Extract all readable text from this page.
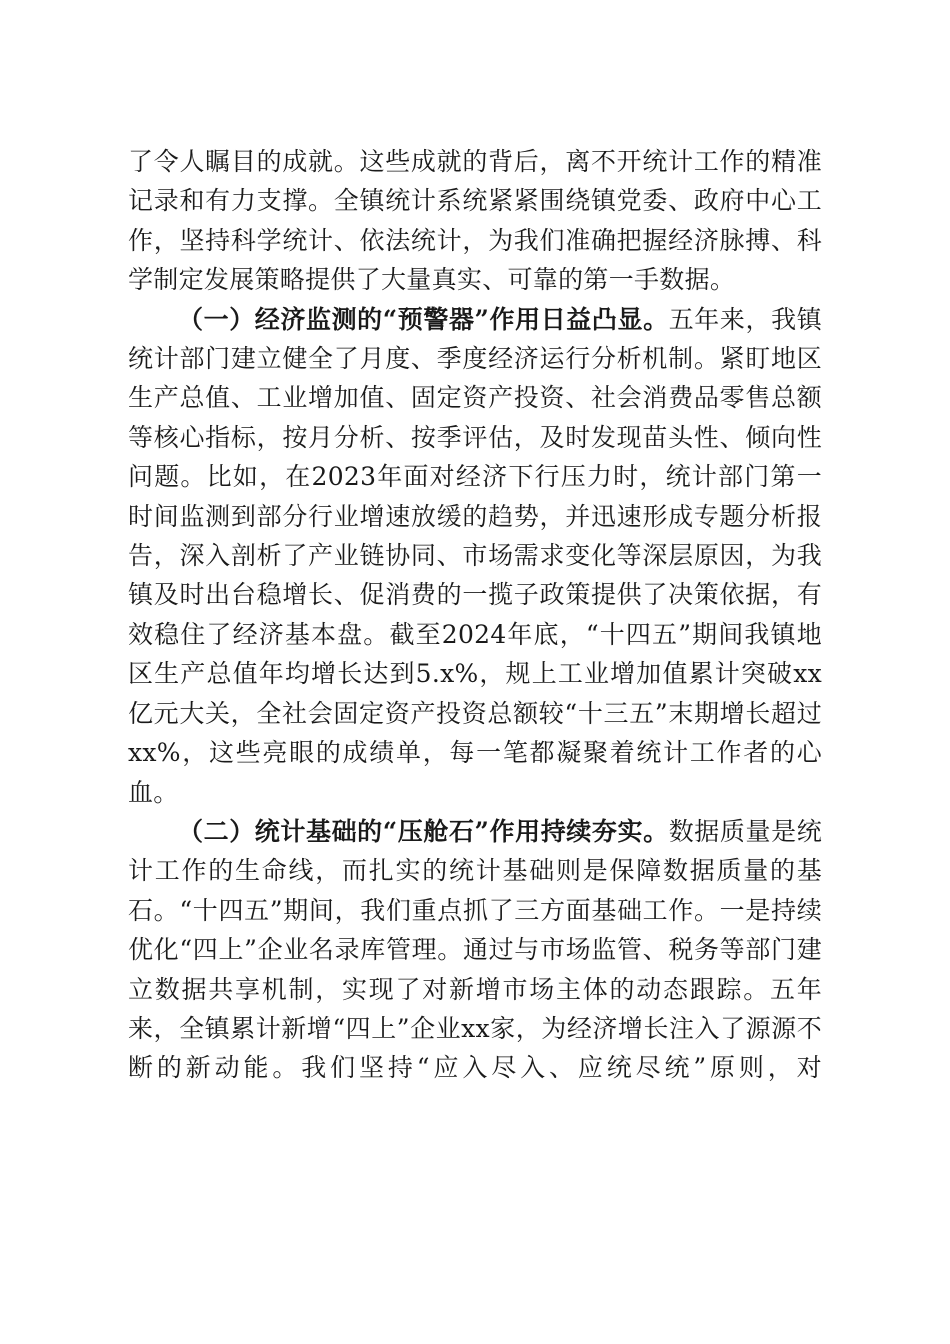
了令人瞩目的成就。这些成就的背后，离不开统计工作的精准记录和有力支撑。全镇统计系统紧紧围绕镇党委、政府中心工作，坚持科学统计、依法统计，为我们准确把握经济脉搏、科学制定发展策略提供了大量真实、可靠的第一手数据。

（一）经济监测的“预警器”作用日益凸显。五年来，我镇统计部门建立健全了月度、季度经济运行分析机制。紧盯地区生产总值、工业增加值、固定资产投资、社会消费品零售总额等核心指标，按月分析、按季评估，及时发现苗头性、倾向性问题。比如，在2023年面对经济下行压力时，统计部门第一时间监测到部分行业增速放缓的趋势，并迅速形成专题分析报告，深入剖析了产业链协同、市场需求变化等深层原因，为我镇及时出台稳增长、促消费的一揽子政策提供了决策依据，有效稳住了经济基本盘。截至2024年底，“十四五”期间我镇地区生产总值年均增长达到5.x%，规上工业增加值累计突破xx亿元大关，全社会固定资产投资总额较“十三五”末期增长超过xx%，这些亮眼的成绩单，每一笔都凝聚着统计工作者的心血。

（二）统计基础的“压舱石”作用持续夯实。数据质量是统计工作的生命线，而扎实的统计基础则是保障数据质量的基石。“十四五”期间，我们重点抓了三方面基础工作。一是持续优化“四上”企业名录库管理。通过与市场监管、税务等部门建立数据共享机制，实现了对新增市场主体的动态跟踪。五年来，全镇累计新增“四上”企业xx家，为经济增长注入了源源不断的新动能。我们坚持“应入尽入、应统尽统”原则，对
